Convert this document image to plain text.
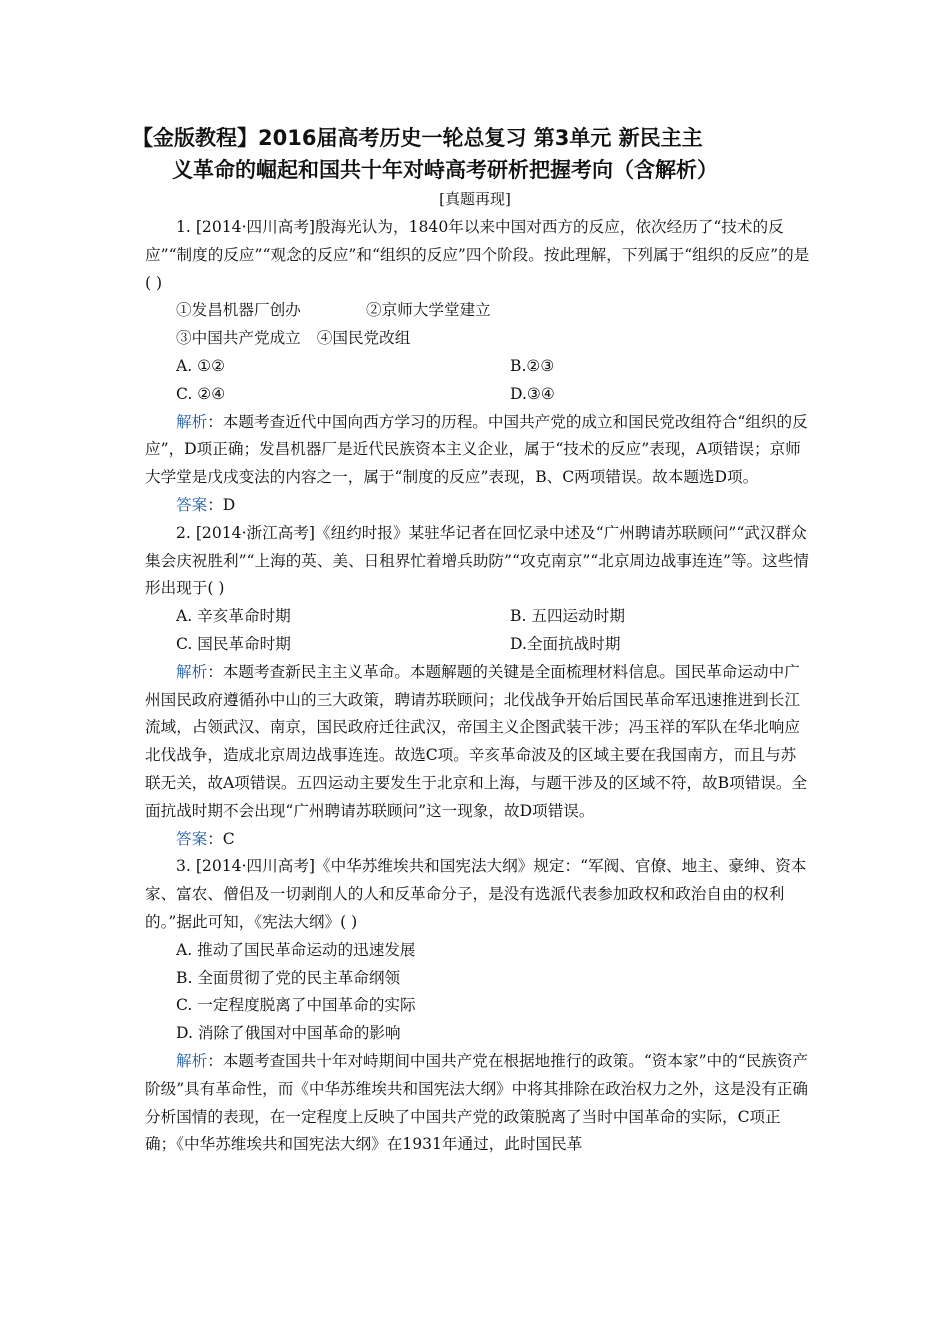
【金版教程】2016届高考历史一轮总复习 第3单元 新民主主
义革命的崛起和国共十年对峙高考研析把握考向（含解析）
[真题再现]

1. [2014·四川高考]殷海光认为，1840年以来中国对西方的反应，依次经历了“技术的反应”“制度的反应”“观念的反应”和“组织的反应”四个阶段。按此理解，下列属于“组织的反应”的是( )

①发昌机器厂创办	②京师大学堂建立
③中国共产党成立 ④国民党改组
A. ①②	B.②③
C. ②④	D.③④

解析：本题考查近代中国向西方学习的历程。中国共产党的成立和国民党改组符合“组织的反应”，D项正确；发昌机器厂是近代民族资本主义企业，属于“技术的反应”表现，A项错误；京师大学堂是戊戌变法的内容之一，属于“制度的反应”表现，B、C两项错误。故本题选D项。

答案：D

2. [2014·浙江高考]《纽约时报》某驻华记者在回忆录中述及“广州聘请苏联顾问”“武汉群众集会庆祝胜利”“上海的英、美、日租界忙着增兵助防”“攻克南京”“北京周边战事连连”等。这些情形出现于( )

A. 辛亥革命时期	B. 五四运动时期
C. 国民革命时期	D.全面抗战时期

解析：本题考查新民主主义革命。本题解题的关键是全面梳理材料信息。国民革命运动中广州国民政府遵循孙中山的三大政策，聘请苏联顾问；北伐战争开始后国民革命军迅速推进到长江流域，占领武汉、南京，国民政府迁往武汉，帝国主义企图武装干涉；冯玉祥的军队在华北响应北伐战争，造成北京周边战事连连。故选C项。辛亥革命波及的区域主要在我国南方，而且与苏联无关，故A项错误。五四运动主要发生于北京和上海，与题干涉及的区域不符，故B项错误。全面抗战时期不会出现“广州聘请苏联顾问”这一现象，故D项错误。

答案：C

3. [2014·四川高考]《中华苏维埃共和国宪法大纲》规定：“军阀、官僚、地主、豪绅、资本家、富农、僧侣及一切剥削人的人和反革命分子，是没有选派代表参加政权和政治自由的权利的。”据此可知，《宪法大纲》( )

A. 推动了国民革命运动的迅速发展

B. 全面贯彻了党的民主革命纲领

C. 一定程度脱离了中国革命的实际

D. 消除了俄国对中国革命的影响

解析：本题考查国共十年对峙期间中国共产党在根据地推行的政策。“资本家”中的“民族资产阶级”具有革命性，而《中华苏维埃共和国宪法大纲》中将其排除在政治权力之外，这是没有正确分析国情的表现，在一定程度上反映了中国共产党的政策脱离了当时中国革命的实际，C项正确；《中华苏维埃共和国宪法大纲》在1931年通过，此时国民革
